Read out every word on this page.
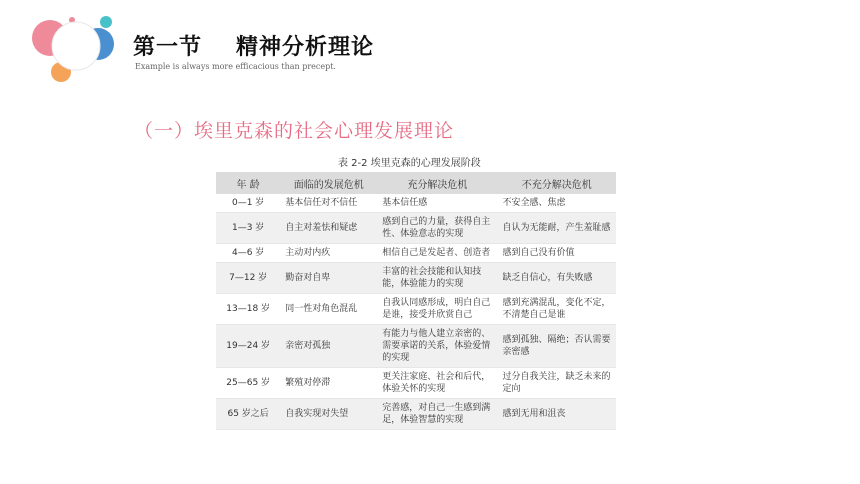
第一节 精神分析理论
Example is always more efficacious than precept.
（一）埃里克森的社会心理发展理论
表 2-2 埃里克森的心理发展阶段
年 龄	面临的发展危机	充分解决危机	不充分解决危机
0—1 岁	基本信任对不信任	基本信任感	不安全感、焦虑
1—3 岁	自主对羞怯和疑虑	感到自己的力量，获得自主性、体验意志的实现	自认为无能耐，产生羞耻感
4—6 岁	主动对内疚	相信自己是发起者、创造者	感到自己没有价值
7—12 岁	勤奋对自卑	丰富的社会技能和认知技能，体验能力的实现	缺乏自信心，有失败感
13—18 岁	同一性对角色混乱	自我认同感形成，明白自己是谁，接受并欣赏自己	感到充满混乱，变化不定，不清楚自己是谁
19—24 岁	亲密对孤独	有能力与他人建立亲密的、需要承诺的关系，体验爱情的实现	感到孤独、隔绝；否认需要亲密感
25—65 岁	繁殖对停滞	更关注家庭、社会和后代，体验关怀的实现	过分自我关注，缺乏未来的定向
65 岁之后	自我实现对失望	完善感，对自己一生感到满足，体验智慧的实现	感到无用和沮丧
